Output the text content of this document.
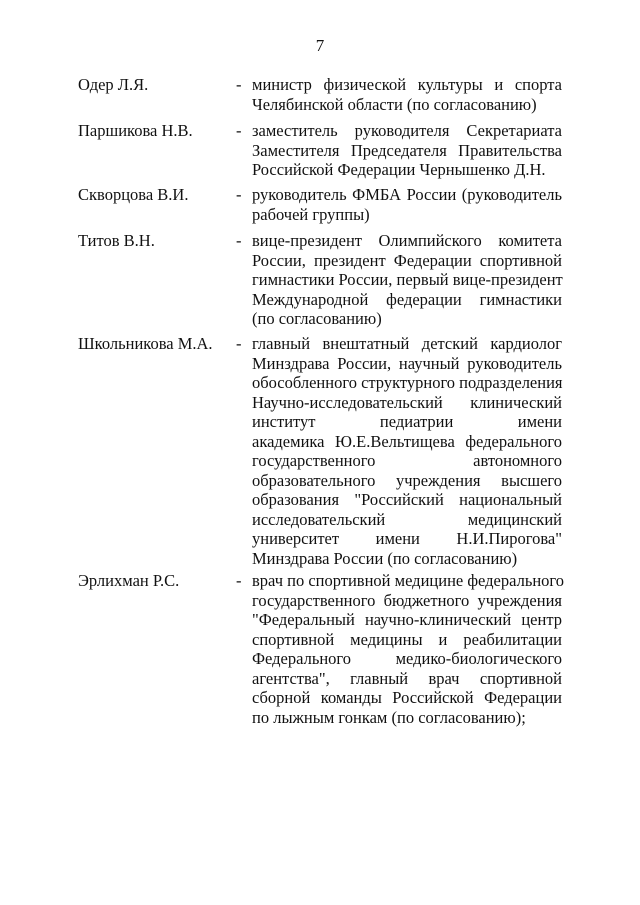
7
Одер Л.Я.	- министр физической культуры и спорта
Челябинской области (по согласованию)
Паршикова Н.В.	- заместитель руководителя Секретариата
Заместителя Председателя Правительства
Российской Федерации Чернышенко Д.Н.
Скворцова В.И.	- руководитель ФМБА России (руководитель
рабочей группы)
Титов В.Н.	- вице-президент Олимпийского комитета
России, президент Федерации спортивной
гимнастики России, первый вице-президент
Международной федерации гимнастики
(по согласованию)
Школьникова М.А. - главный внештатный детский кардиолог
Минздрава России, научный руководитель
обособленного структурного подразделения
Научно-исследовательский клинический
институт педиатрии имени
академика Ю.Е.Вельтищева федерального
государственного автономного
образовательного учреждения высшего
образования "Российский национальный
исследовательский медицинский
университет имени Н.И.Пирогова"
Минздрава России (по согласованию)
Эрлихман Р.С.	- врач по спортивной медицине федерального
государственного бюджетного учреждения
"Федеральный научно-клинический центр
спортивной медицины и реабилитации
Федерального медико-биологического
агентства", главный врач спортивной
сборной команды Российской Федерации
по лыжным гонкам (по согласованию);
